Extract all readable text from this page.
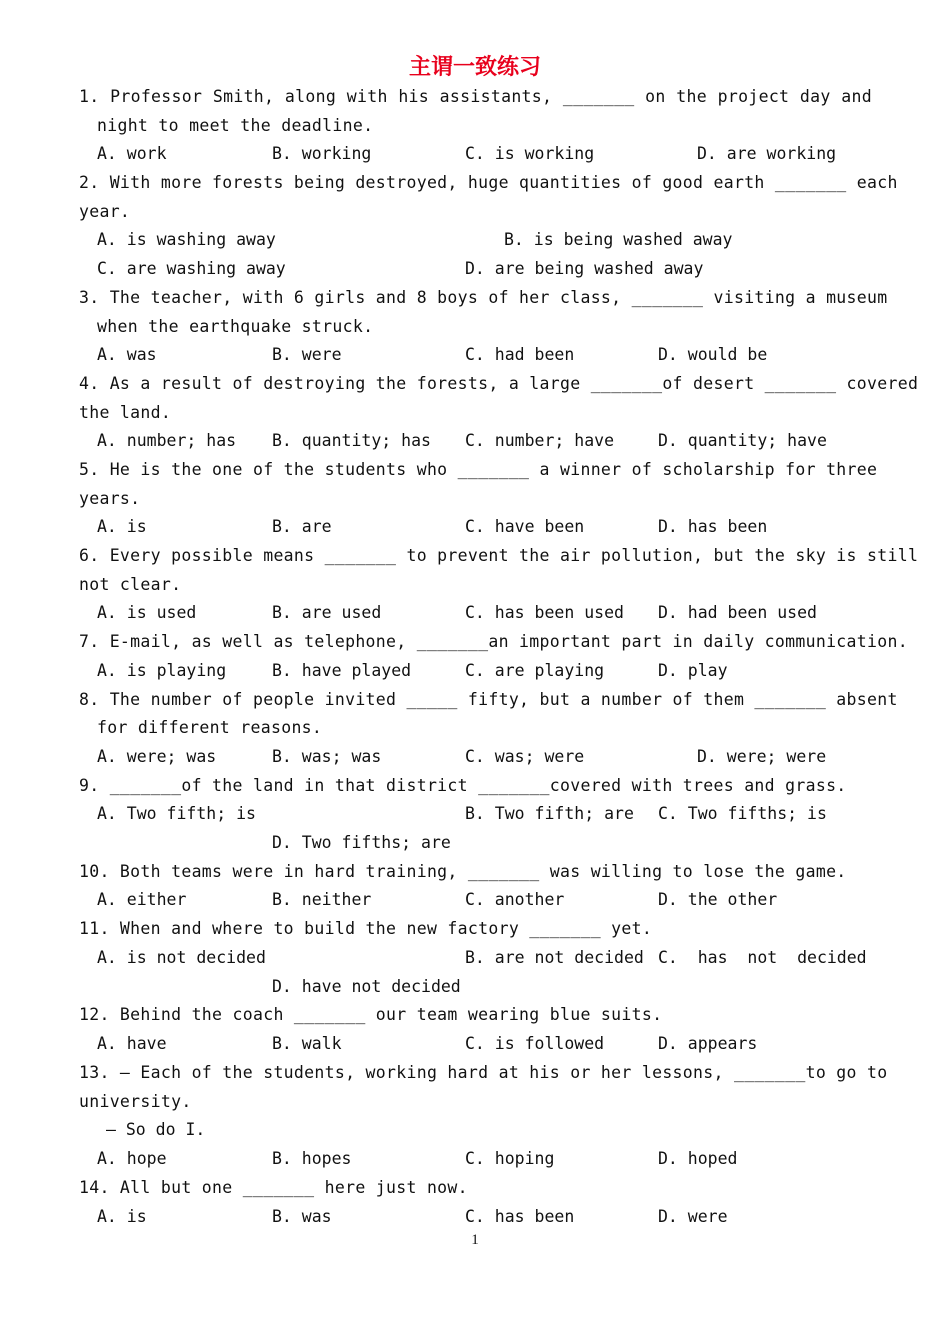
主谓一致练习
1. Professor Smith, along with his assistants, _______ on the project day and
night to meet the deadline.
A. work	B. working	C. is working	D. are working
2. With more forests being destroyed, huge quantities of good earth _______ each
year.
A. is washing away	B. is being washed away
C. are washing away	D. are being washed away
3. The teacher, with 6 girls and 8 boys of her class, _______ visiting a museum
when the earthquake struck.
A. was	B. were	C. had been	D. would be
4. As a result of destroying the forests, a large _______of desert _______ covered
the land.
A. number; has B. quantity; has C. number; have	D. quantity; have
5. He is the one of the students who _______ a winner of scholarship for three
years.
A. is	B. are	C. have been	D. has been
6. Every possible means _______ to prevent the air pollution, but the sky is still
not clear.
A. is used	B. are used	C. has been used D. had been used
7. E-mail, as well as telephone, _______an important part in daily communication.
A. is playing	B. have played	C. are playing	D. play
8. The number of people invited _____ fifty, but a number of them _______ absent
for different reasons.
A. were; was	B. was; was	C. was; were	D. were; were
9. _______of the land in that district _______covered with trees and grass.
A. Two fifth; is	B. Two fifth; are C. Two fifths; is
D. Two fifths; are
10. Both teams were in hard training, _______ was willing to lose the game.
A. either	B. neither	C. another	D. the other
11. When and where to build the new factory _______ yet.
A. is not decided	B. are not decided C.  has  not  decided
D. have not decided
12. Behind the coach _______ our team wearing blue suits.
A. have	B. walk	C. is followed	D. appears
13. — Each of the students, working hard at his or her lessons, _______to go to
university.
— So do I.
A. hope	B. hopes	C. hoping	D. hoped
14. All but one _______ here just now.
A. is	B. was	C. has been	D. were
1
